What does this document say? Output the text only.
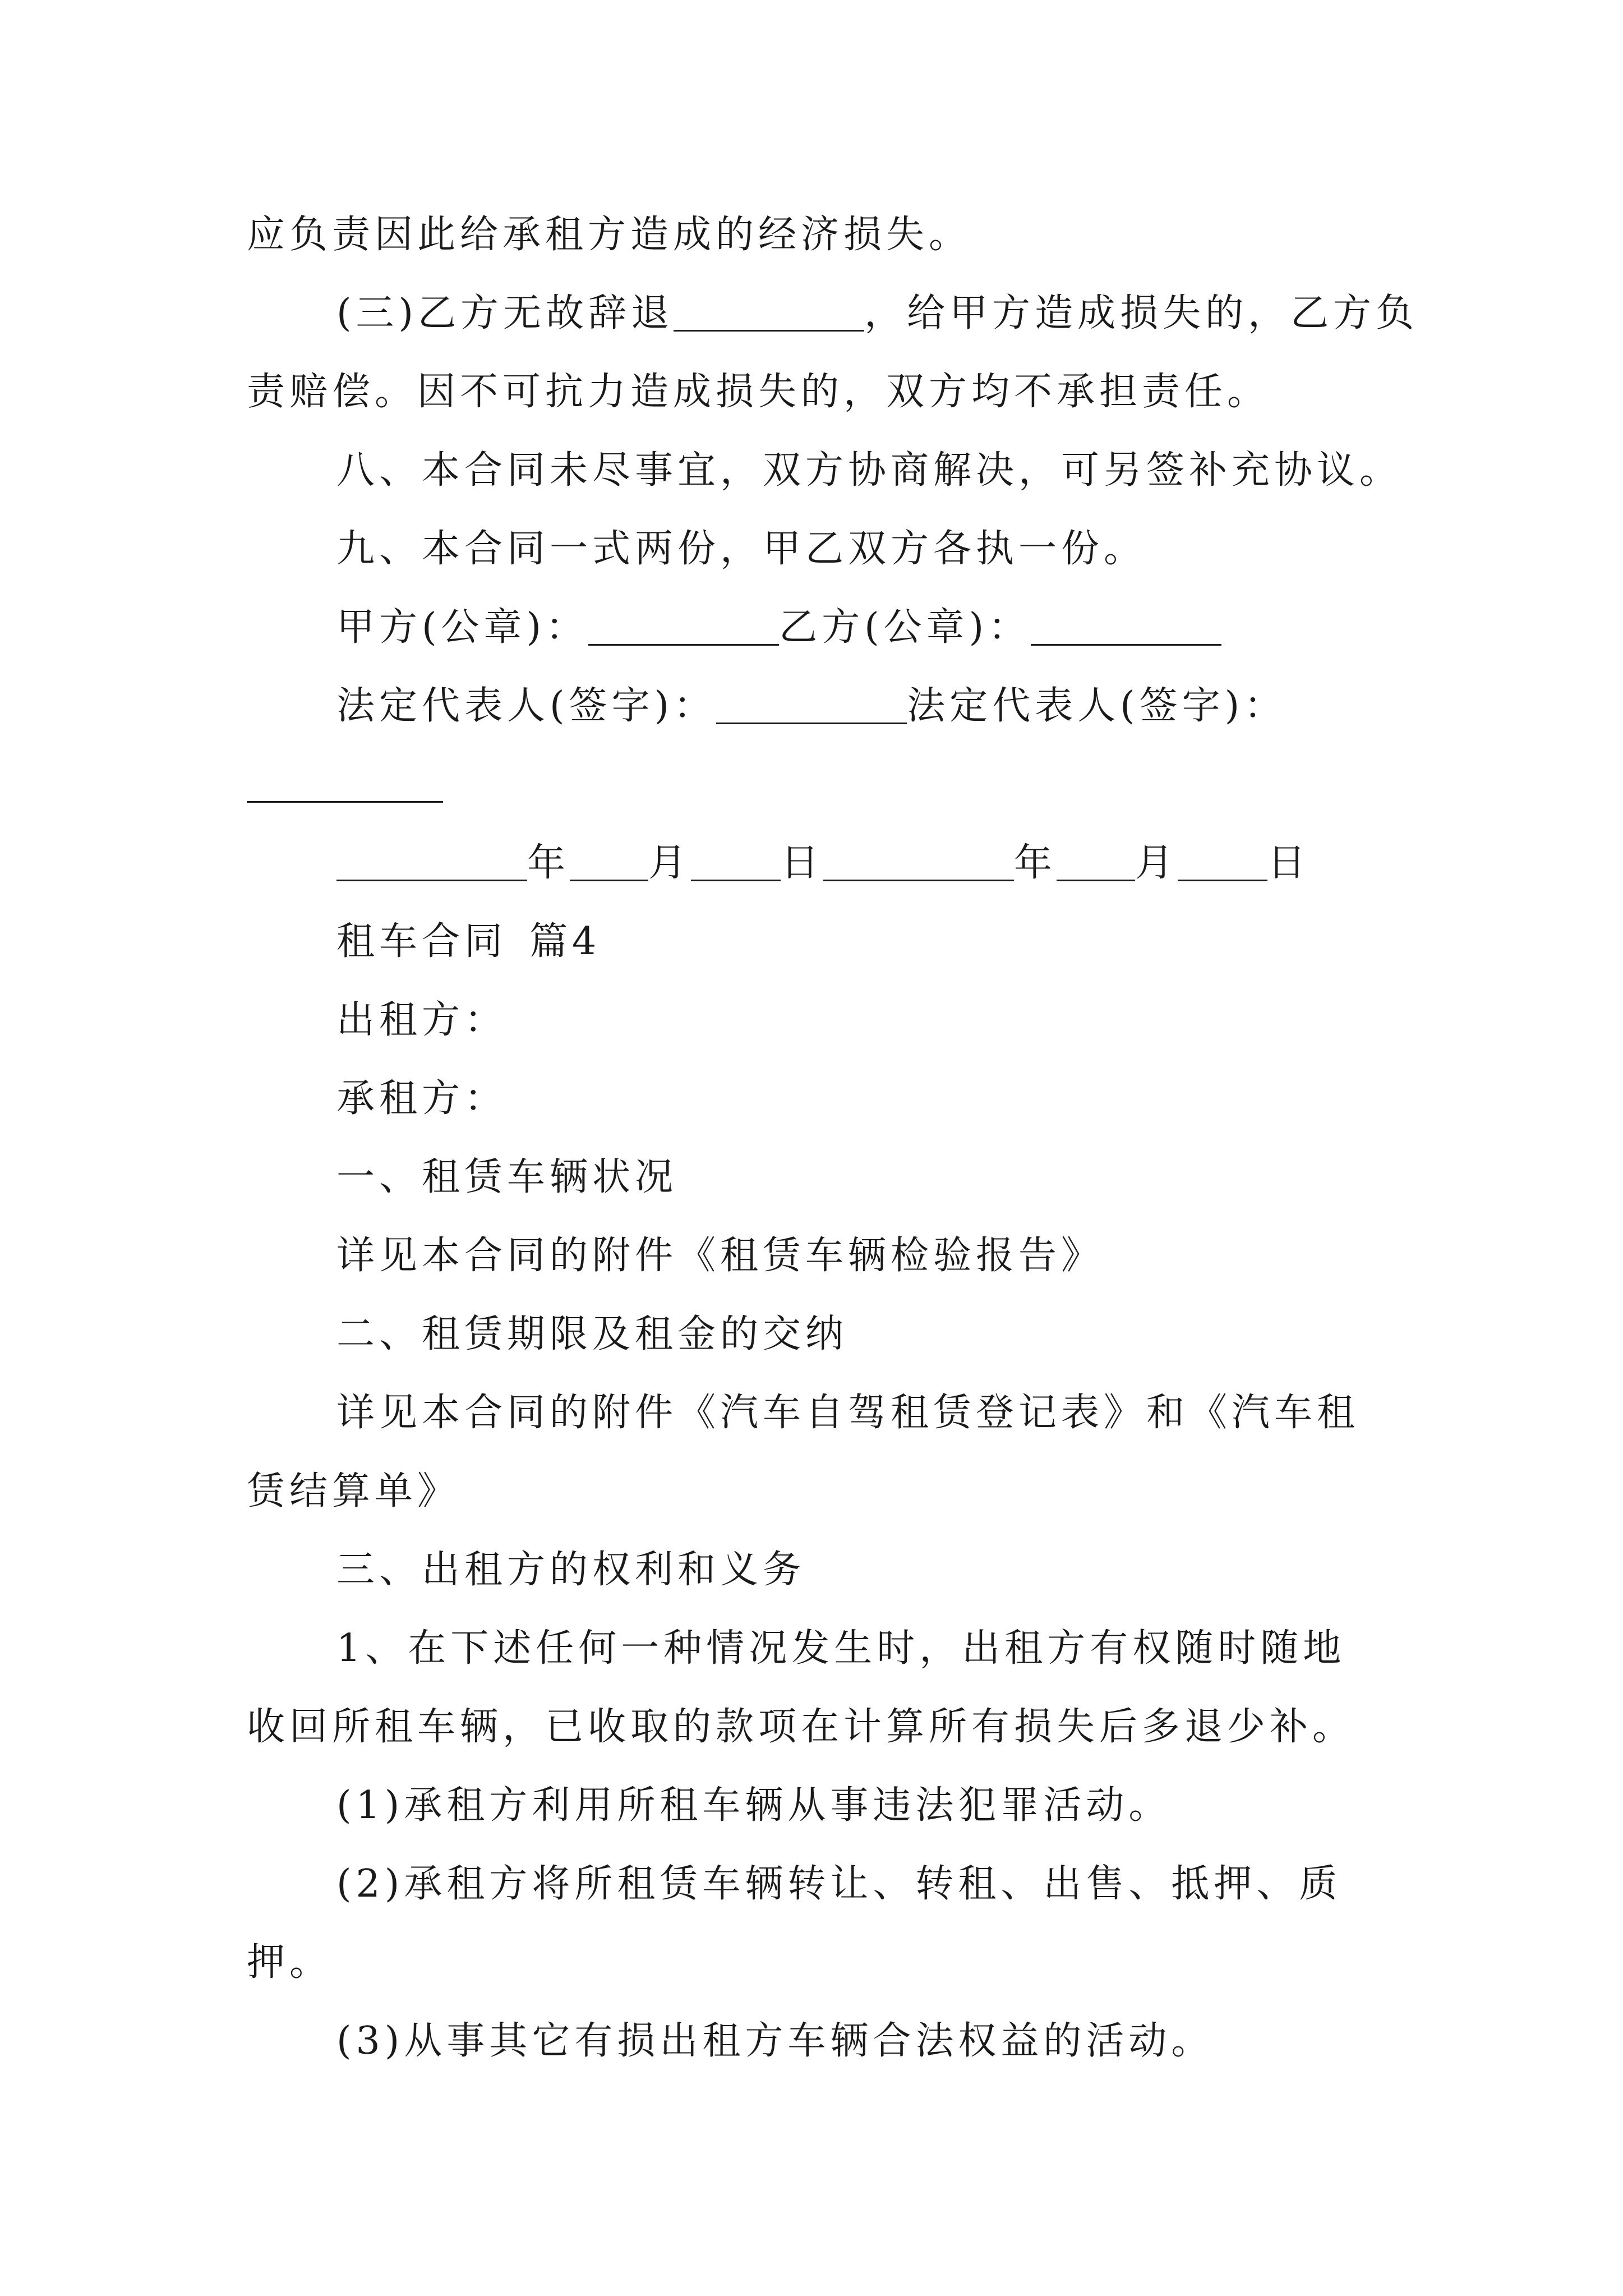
应负责因此给承租方造成的经济损失。
(三)乙方无故辞退	，给甲方造成损失的，乙方负
责赔偿。因不可抗力造成损失的，双方均不承担责任。
八、本合同未尽事宜，双方协商解决，可另签补充协议。
九、本合同一式两份，甲乙双方各执一份。
甲方(公章)：	乙方(公章)：
法定代表人(签字)：	法定代表人(签字)：
年 月 日	年 月 日
租车合同 篇4
出租方：
承租方：
一、租赁车辆状况
详见本合同的附件《租赁车辆检验报告》
二、租赁期限及租金的交纳
详见本合同的附件《汽车自驾租赁登记表》和《汽车租
赁结算单》
三、出租方的权利和义务
1、在下述任何一种情况发生时，出租方有权随时随地
收回所租车辆，已收取的款项在计算所有损失后多退少补。
(1)承租方利用所租车辆从事违法犯罪活动。
(2)承租方将所租赁车辆转让、转租、出售、抵押、质
押。
(3)从事其它有损出租方车辆合法权益的活动。
